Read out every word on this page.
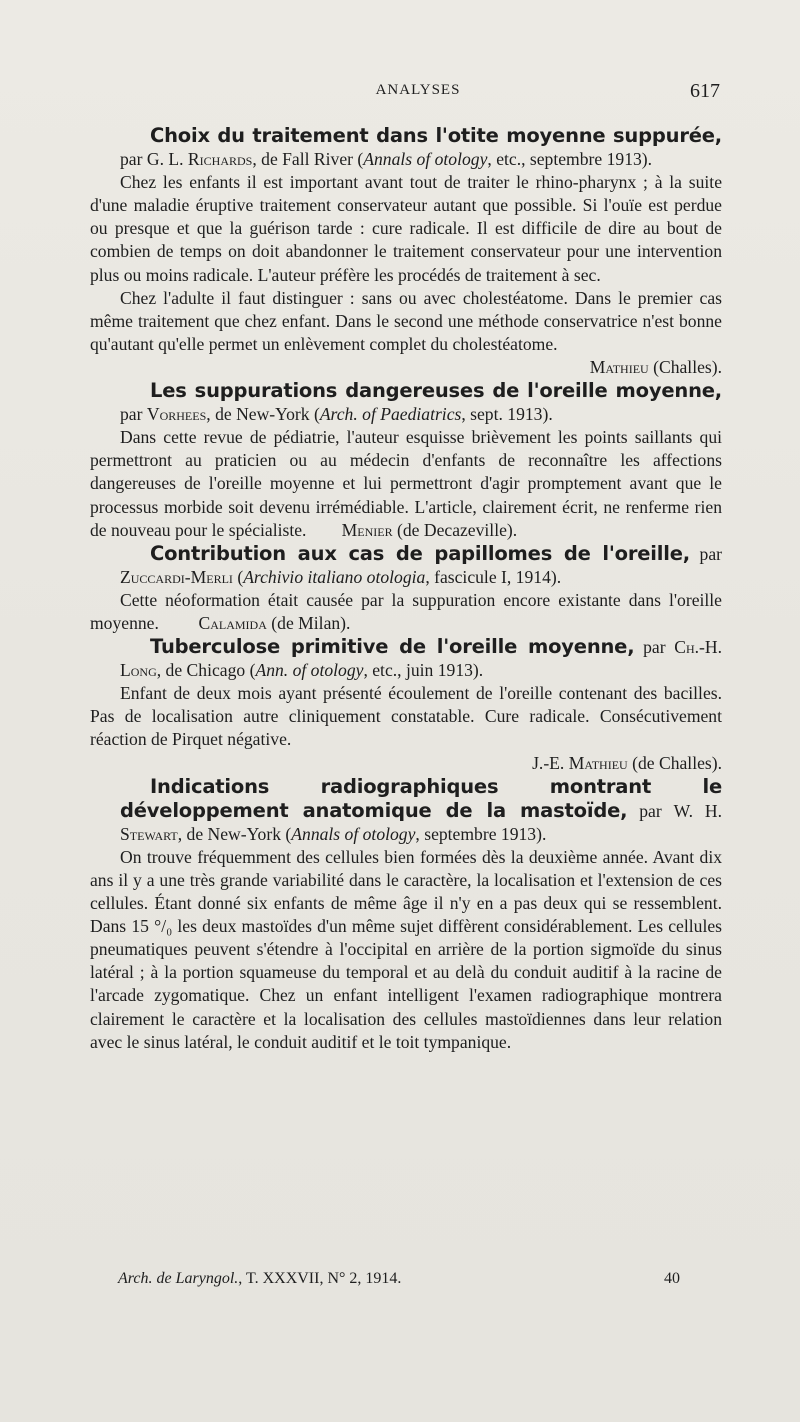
ANALYSES	617

Choix du traitement dans l'otite moyenne suppurée, par G. L. Richards, de Fall River (Annals of otology, etc., septembre 1913).

Chez les enfants il est important avant tout de traiter le rhino-pharynx ; à la suite d'une maladie éruptive traitement conservateur autant que possible. Si l'ouïe est perdue ou presque et que la guérison tarde : cure radicale. Il est difficile de dire au bout de combien de temps on doit abandonner le traitement conservateur pour une intervention plus ou moins radicale. L'auteur préfère les procédés de traitement à sec.

Chez l'adulte il faut distinguer : sans ou avec cholestéatome. Dans le premier cas même traitement que chez enfant. Dans le second une méthode conservatrice n'est bonne qu'autant qu'elle permet un enlèvement complet du cholestéatome.

Mathieu (Challes).

Les suppurations dangereuses de l'oreille moyenne, par Vorhees, de New-York (Arch. of Paediatrics, sept. 1913).

Dans cette revue de pédiatrie, l'auteur esquisse brièvement les points saillants qui permettront au praticien ou au médecin d'enfants de reconnaître les affections dangereuses de l'oreille moyenne et lui permettront d'agir promptement avant que le processus morbide soit devenu irrémédiable. L'article, clairement écrit, ne renferme rien de nouveau pour le spécialiste. Menier (de Decazeville).

Contribution aux cas de papillomes de l'oreille, par Zuccardi-Merli (Archivio italiano otologia, fascicule I, 1914).

Cette néoformation était causée par la suppuration encore existante dans l'oreille moyenne. Calamida (de Milan).

Tuberculose primitive de l'oreille moyenne, par Ch.-H. Long, de Chicago (Ann. of otology, etc., juin 1913).

Enfant de deux mois ayant présenté écoulement de l'oreille contenant des bacilles. Pas de localisation autre cliniquement constatable. Cure radicale. Consécutivement réaction de Pirquet négative.

J.-E. Mathieu (de Challes).

Indications radiographiques montrant le développement anatomique de la mastoïde, par W. H. Stewart, de New-York (Annals of otology, septembre 1913).

On trouve fréquemment des cellules bien formées dès la deuxième année. Avant dix ans il y a une très grande variabilité dans le caractère, la localisation et l'extension de ces cellules. Étant donné six enfants de même âge il n'y en a pas deux qui se ressemblent. Dans 15 °/₀ les deux mastoïdes d'un même sujet diffèrent considérablement. Les cellules pneumatiques peuvent s'étendre à l'occipital en arrière de la portion sigmoïde du sinus latéral ; à la portion squameuse du temporal et au delà du conduit auditif à la racine de l'arcade zygomatique. Chez un enfant intelligent l'examen radiographique montrera clairement le caractère et la localisation des cellules mastoïdiennes dans leur relation avec le sinus latéral, le conduit auditif et le toit tympanique.

Arch. de Laryngol., T. XXXVII, N° 2, 1914.	40
